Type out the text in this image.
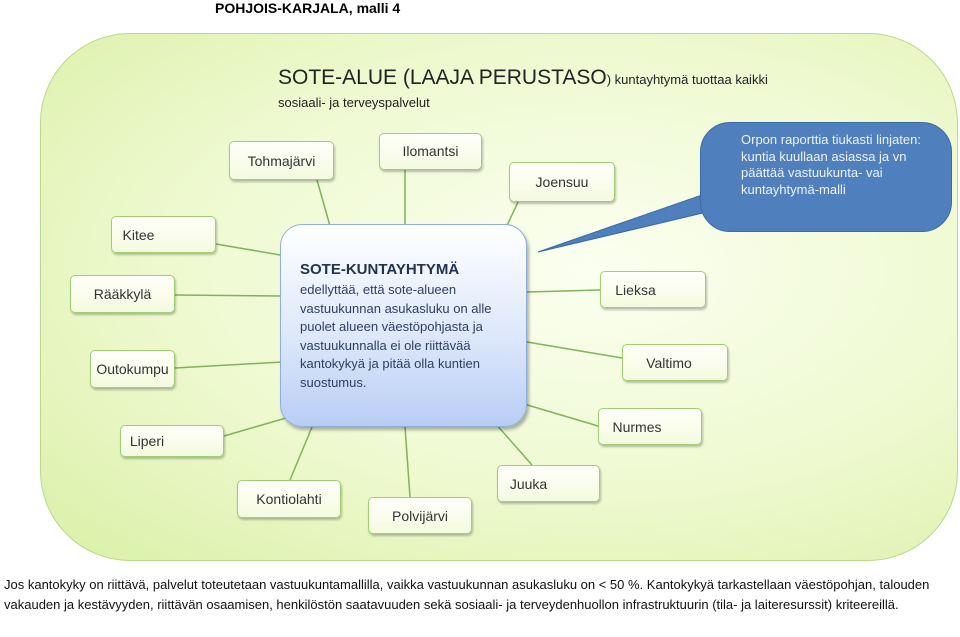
POHJOIS-KARJALA, malli 4
SOTE-ALUE (LAAJA PERUSTASO) kuntayhtymä tuottaa kaikki
sosiaali- ja terveyspalvelut
Tohmajärvi
Ilomantsi
Joensuu
Kitee
Rääkkylä
Outokumpu
Liperi
Kontiolahti
Polvijärvi
Juuka
Nurmes
Valtimo
Lieksa
SOTE-KUNTAYHTYMÄ
edellyttää, että sote-alueen vastuukunnan asukasluku on alle puolet alueen väestöpohjasta ja vastuukunnalla ei ole riittävää kantokykyä ja pitää olla kuntien suostumus.
Orpon raporttia tiukasti linjaten: kuntia kuullaan asiassa ja vn päättää vastuukunta- vai kuntayhtymä-malli
Jos kantokyky on riittävä, palvelut toteutetaan vastuukuntamallilla, vaikka vastuukunnan asukasluku on < 50 %. Kantokykyä tarkastellaan väestöpohjan, talouden vakauden ja kestävyyden, riittävän osaamisen, henkilöstön saatavuuden sekä sosiaali- ja terveydenhuollon infrastruktuurin (tila- ja laiteresurssit) kriteereillä.
